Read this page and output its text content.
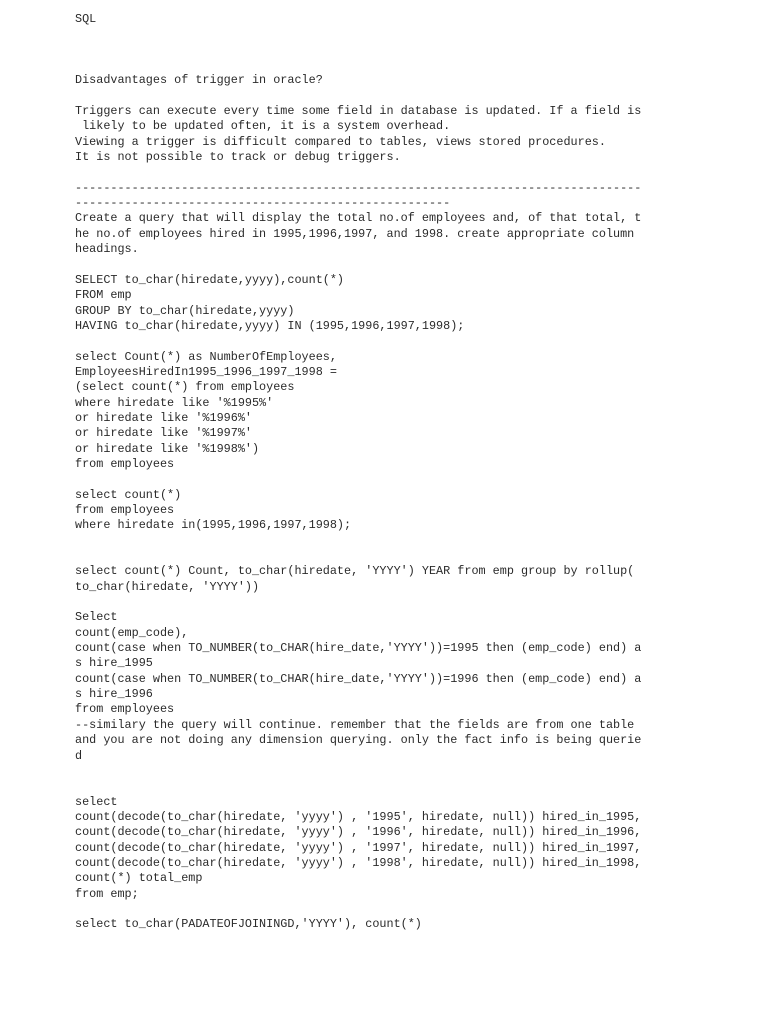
SQL
Disadvantages of trigger in oracle?
Triggers can execute every time some field in database is updated. If a field is
likely to be updated often, it is a system overhead.
Viewing a trigger is difficult compared to tables, views stored procedures.
It is not possible to track or debug triggers.
--------------------------------------------------------------------------------
-----------------------------------------------------
Create a query that will display the total no.of employees and, of that total, t
he no.of employees hired in 1995,1996,1997, and 1998. create appropriate column
headings.
SELECT to_char(hiredate,yyyy),count(*)
FROM emp
GROUP BY to_char(hiredate,yyyy)
HAVING to_char(hiredate,yyyy) IN (1995,1996,1997,1998);
select Count(*) as NumberOfEmployees,
EmployeesHiredIn1995_1996_1997_1998 =
(select count(*) from employees
where hiredate like '%1995%'
or hiredate like '%1996%'
or hiredate like '%1997%'
or hiredate like '%1998%')
from employees
select count(*)
from employees
where hiredate in(1995,1996,1997,1998);
select count(*) Count, to_char(hiredate, 'YYYY') YEAR from emp group by rollup(
to_char(hiredate, 'YYYY'))
Select
count(emp_code),
count(case when TO_NUMBER(to_CHAR(hire_date,'YYYY'))=1995 then (emp_code) end) a
s hire_1995
count(case when TO_NUMBER(to_CHAR(hire_date,'YYYY'))=1996 then (emp_code) end) a
s hire_1996
from employees
--similary the query will continue. remember that the fields are from one table
and you are not doing any dimension querying. only the fact info is being querie
d
select
count(decode(to_char(hiredate, 'yyyy') , '1995', hiredate, null)) hired_in_1995,
count(decode(to_char(hiredate, 'yyyy') , '1996', hiredate, null)) hired_in_1996,
count(decode(to_char(hiredate, 'yyyy') , '1997', hiredate, null)) hired_in_1997,
count(decode(to_char(hiredate, 'yyyy') , '1998', hiredate, null)) hired_in_1998,
count(*) total_emp
from emp;
select to_char(PADATEOFJOININGD,'YYYY'), count(*)
